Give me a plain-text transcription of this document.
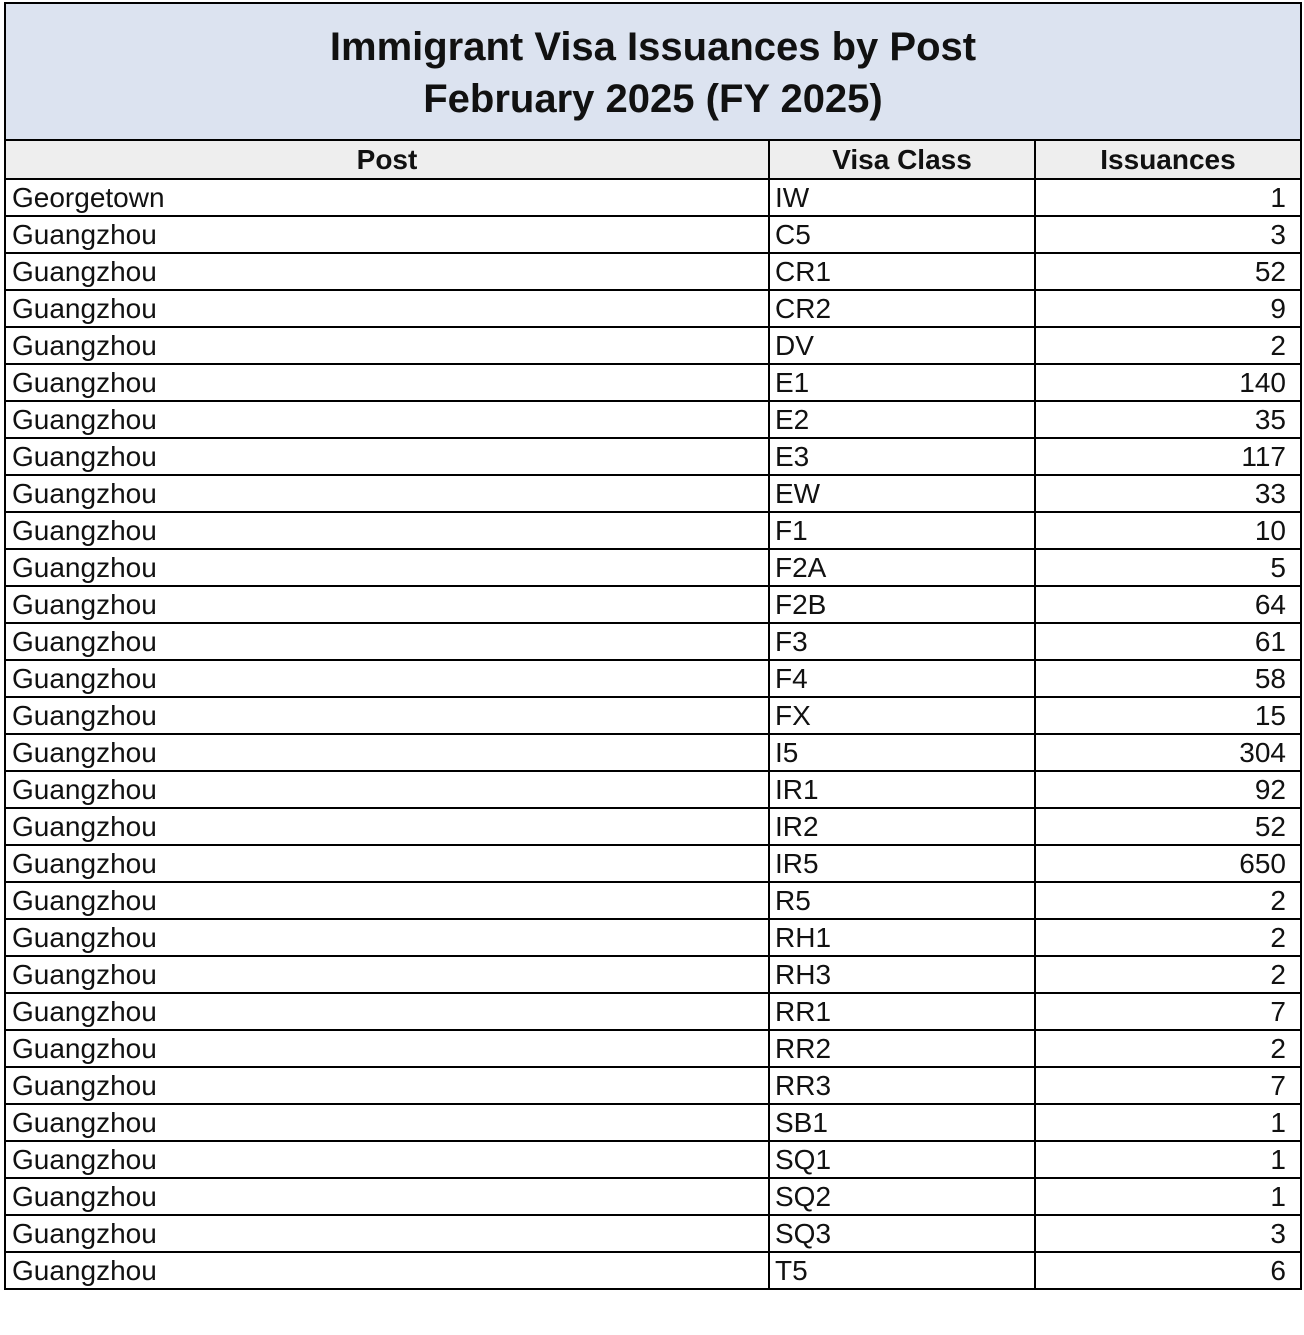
Immigrant Visa Issuances by Post
February 2025 (FY 2025)
Post	Visa Class	Issuances
Georgetown	IW	1
Guangzhou	C5	3
Guangzhou	CR1	52
Guangzhou	CR2	9
Guangzhou	DV	2
Guangzhou	E1	140
Guangzhou	E2	35
Guangzhou	E3	117
Guangzhou	EW	33
Guangzhou	F1	10
Guangzhou	F2A	5
Guangzhou	F2B	64
Guangzhou	F3	61
Guangzhou	F4	58
Guangzhou	FX	15
Guangzhou	I5	304
Guangzhou	IR1	92
Guangzhou	IR2	52
Guangzhou	IR5	650
Guangzhou	R5	2
Guangzhou	RH1	2
Guangzhou	RH3	2
Guangzhou	RR1	7
Guangzhou	RR2	2
Guangzhou	RR3	7
Guangzhou	SB1	1
Guangzhou	SQ1	1
Guangzhou	SQ2	1
Guangzhou	SQ3	3
Guangzhou	T5	6
